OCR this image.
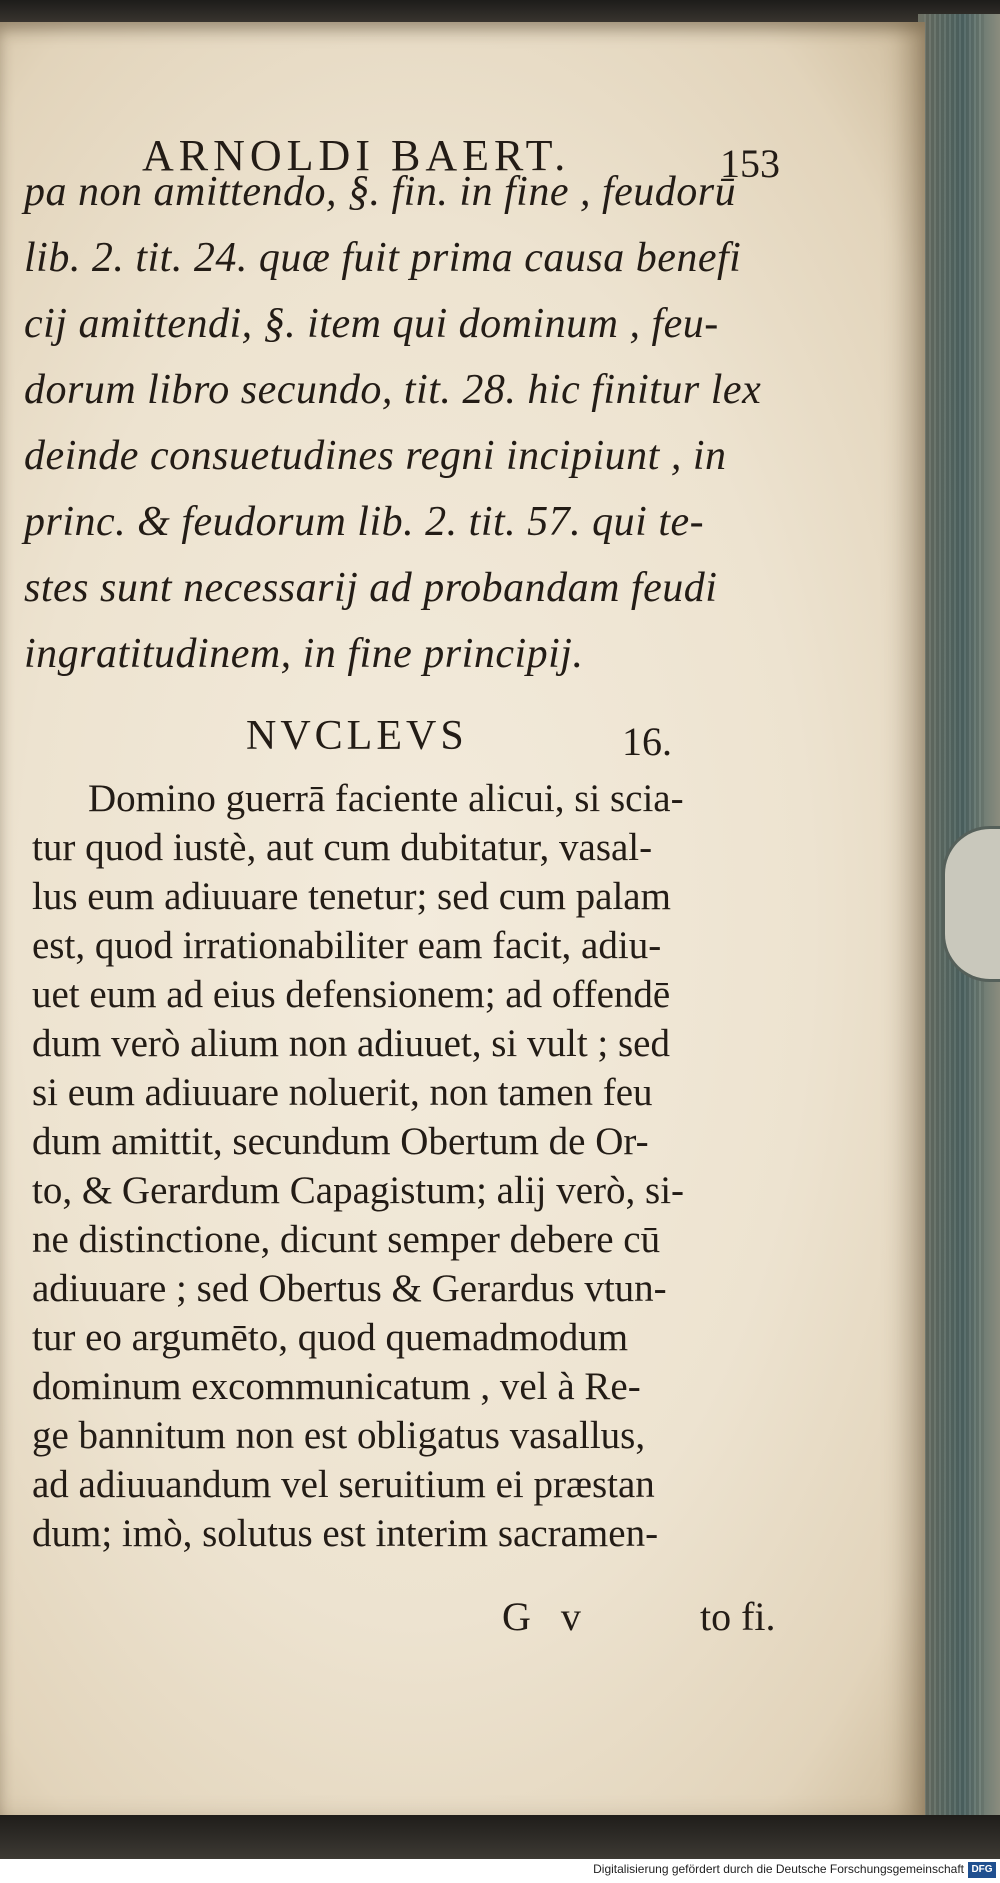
ARNOLDI BAERT.	153
pa non amittendo, §. fin. in fine , feudorū
lib. 2. tit. 24. quæ fuit prima causa benefi
cij amittendi, §. item qui dominum , feu-
dorum libro secundo, tit. 28. hic finitur lex
deinde consuetudines regni incipiunt , in
princ. & feudorum lib. 2. tit. 57. qui te-
stes sunt necessarij ad probandam feudi
ingratitudinem, in fine principij.
NVCLEVS	16.
Domino guerrā faciente alicui, si scia-
tur quod iustè, aut cum dubitatur, vasal-
lus eum adiuuare tenetur; sed cum palam
est, quod irrationabiliter eam facit, adiu-
uet eum ad eius defensionem; ad offendē
dum verò alium non adiuuet, si vult ; sed
si eum adiuuare noluerit, non tamen feu
dum amittit, secundum Obertum de Or-
to, & Gerardum Capagistum; alij verò, si-
ne distinctione, dicunt semper debere cū
adiuuare ; sed Obertus & Gerardus vtun-
tur eo argumēto, quod quemadmodum
dominum excommunicatum , vel à Re-
ge bannitum non est obligatus vasallus,
ad adiuuandum vel seruitium ei præstan
dum; imò, solutus est interim sacramen-
G v	to fi.
Digitalisierung gefördert durch die Deutsche Forschungsgemeinschaft DFG
